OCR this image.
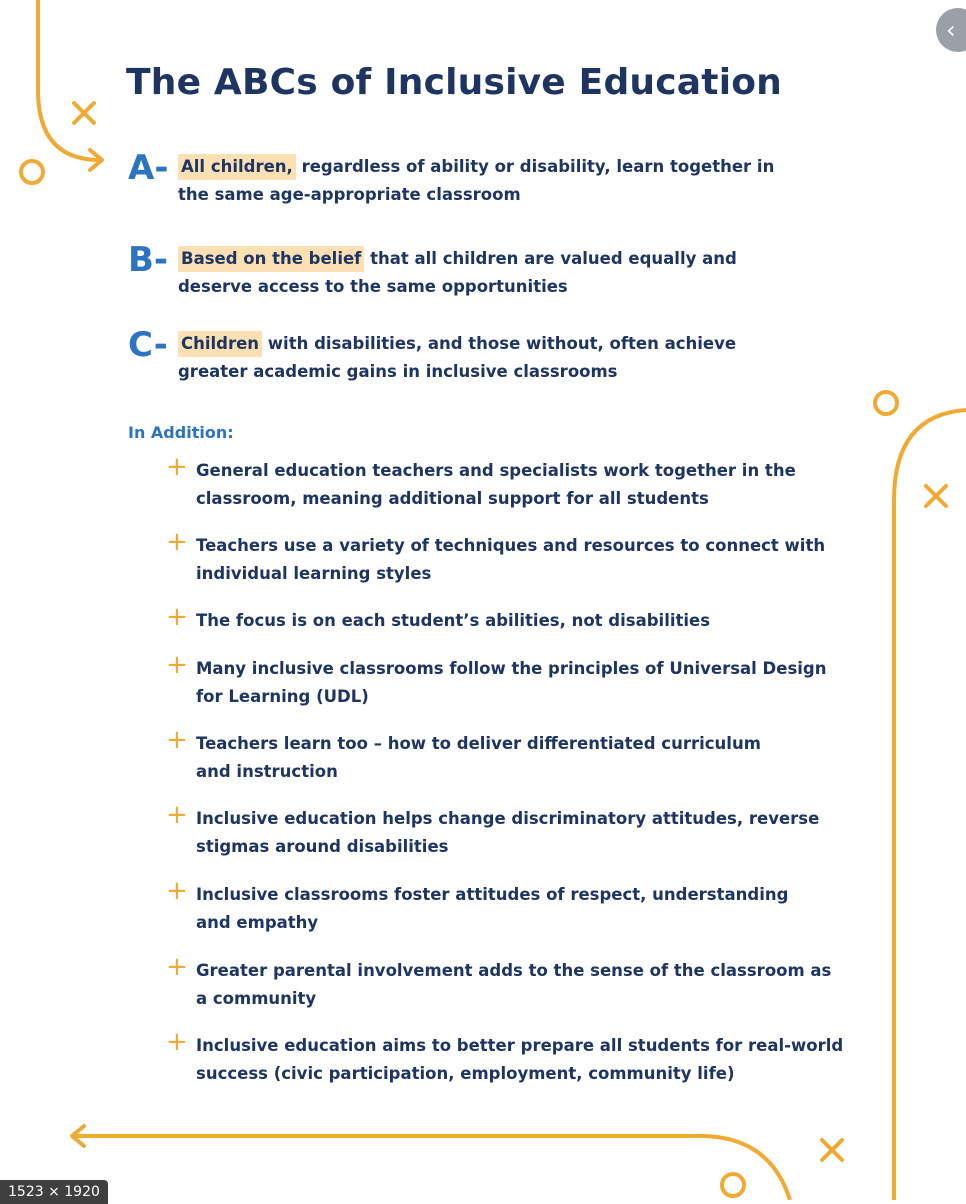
The ABCs of Inclusive Education
A- All children, regardless of ability or disability, learn together in
the same age-appropriate classroom
B- Based on the belief that all children are valued equally and
deserve access to the same opportunities
C- Children with disabilities, and those without, often achieve
greater academic gains in inclusive classrooms
In Addition:
+ General education teachers and specialists work together in the
classroom, meaning additional support for all students
+ Teachers use a variety of techniques and resources to connect with
individual learning styles
+ The focus is on each student’s abilities, not disabilities
+ Many inclusive classrooms follow the principles of Universal Design
for Learning (UDL)
+ Teachers learn too – how to deliver differentiated curriculum
and instruction
+ Inclusive education helps change discriminatory attitudes, reverse
stigmas around disabilities
+ Inclusive classrooms foster attitudes of respect, understanding
and empathy
+ Greater parental involvement adds to the sense of the classroom as
a community
+ Inclusive education aims to better prepare all students for real-world
success (civic participation, employment, community life)
1523 × 1920
‹
